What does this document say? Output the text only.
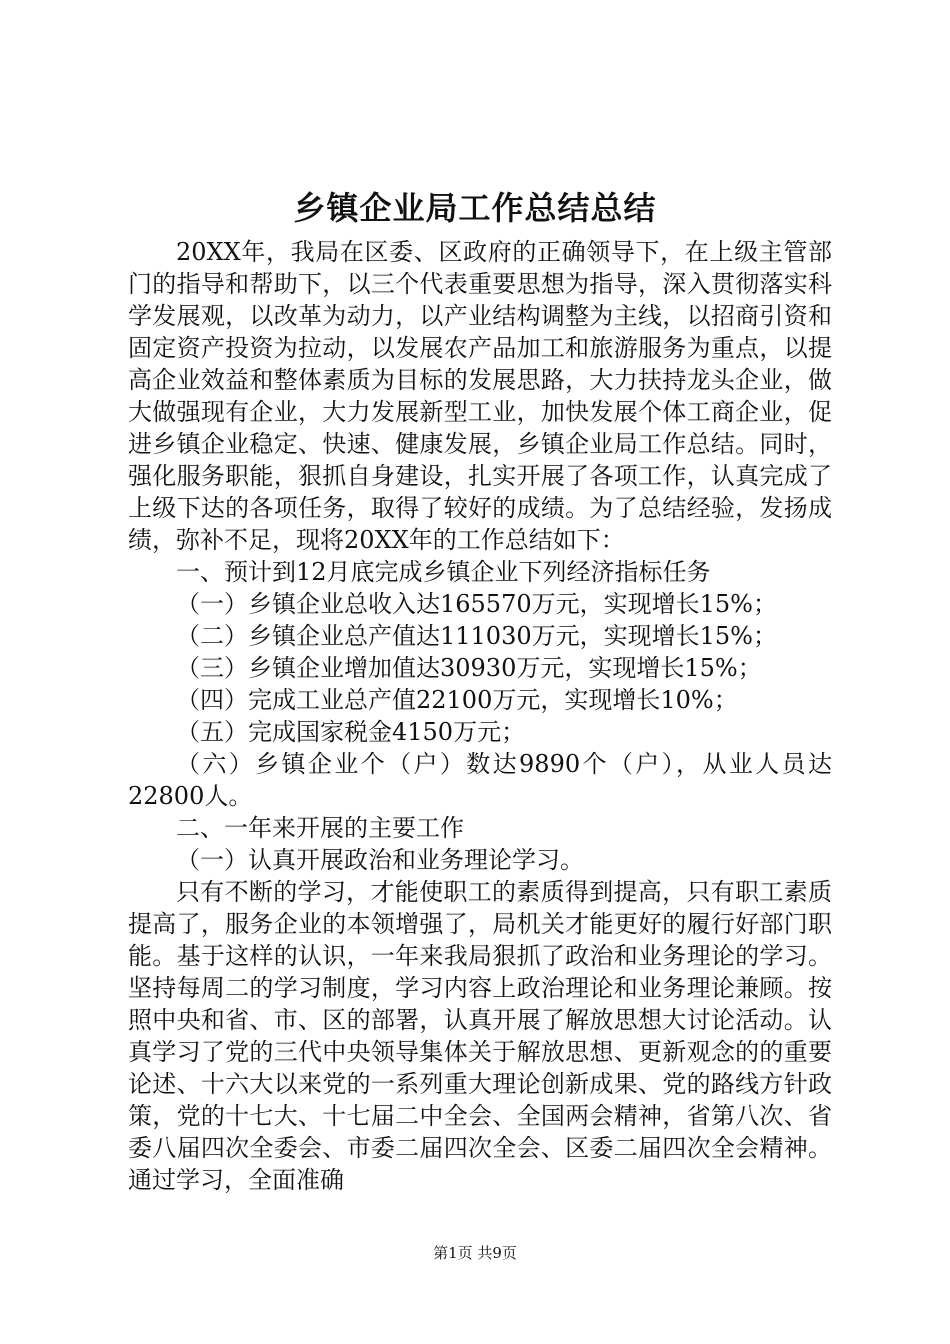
乡镇企业局工作总结总结

20XX年，我局在区委、区政府的正确领导下，在上级主管部门的指导和帮助下，以三个代表重要思想为指导，深入贯彻落实科学发展观，以改革为动力，以产业结构调整为主线，以招商引资和固定资产投资为拉动，以发展农产品加工和旅游服务为重点，以提高企业效益和整体素质为目标的发展思路，大力扶持龙头企业，做大做强现有企业，大力发展新型工业，加快发展个体工商企业，促进乡镇企业稳定、快速、健康发展，乡镇企业局工作总结。同时，强化服务职能，狠抓自身建设，扎实开展了各项工作，认真完成了上级下达的各项任务，取得了较好的成绩。为了总结经验，发扬成绩，弥补不足，现将20XX年的工作总结如下：

一、预计到12月底完成乡镇企业下列经济指标任务

（一）乡镇企业总收入达165570万元，实现增长15%；

（二）乡镇企业总产值达111030万元，实现增长15%；

（三）乡镇企业增加值达30930万元，实现增长15%；

（四）完成工业总产值22100万元，实现增长10%；

（五）完成国家税金4150万元；

（六）乡镇企业个（户）数达9890个（户），从业人员达22800人。

二、一年来开展的主要工作

（一）认真开展政治和业务理论学习。

只有不断的学习，才能使职工的素质得到提高，只有职工素质提高了，服务企业的本领增强了，局机关才能更好的履行好部门职能。基于这样的认识，一年来我局狠抓了政治和业务理论的学习。坚持每周二的学习制度，学习内容上政治理论和业务理论兼顾。按照中央和省、市、区的部署，认真开展了解放思想大讨论活动。认真学习了党的三代中央领导集体关于解放思想、更新观念的的重要论述、十六大以来党的一系列重大理论创新成果、党的路线方针政策，党的十七大、十七届二中全会、全国两会精神，省第八次、省委八届四次全委会、市委二届四次全会、区委二届四次全会精神。通过学习，全面准确

第1页 共9页
